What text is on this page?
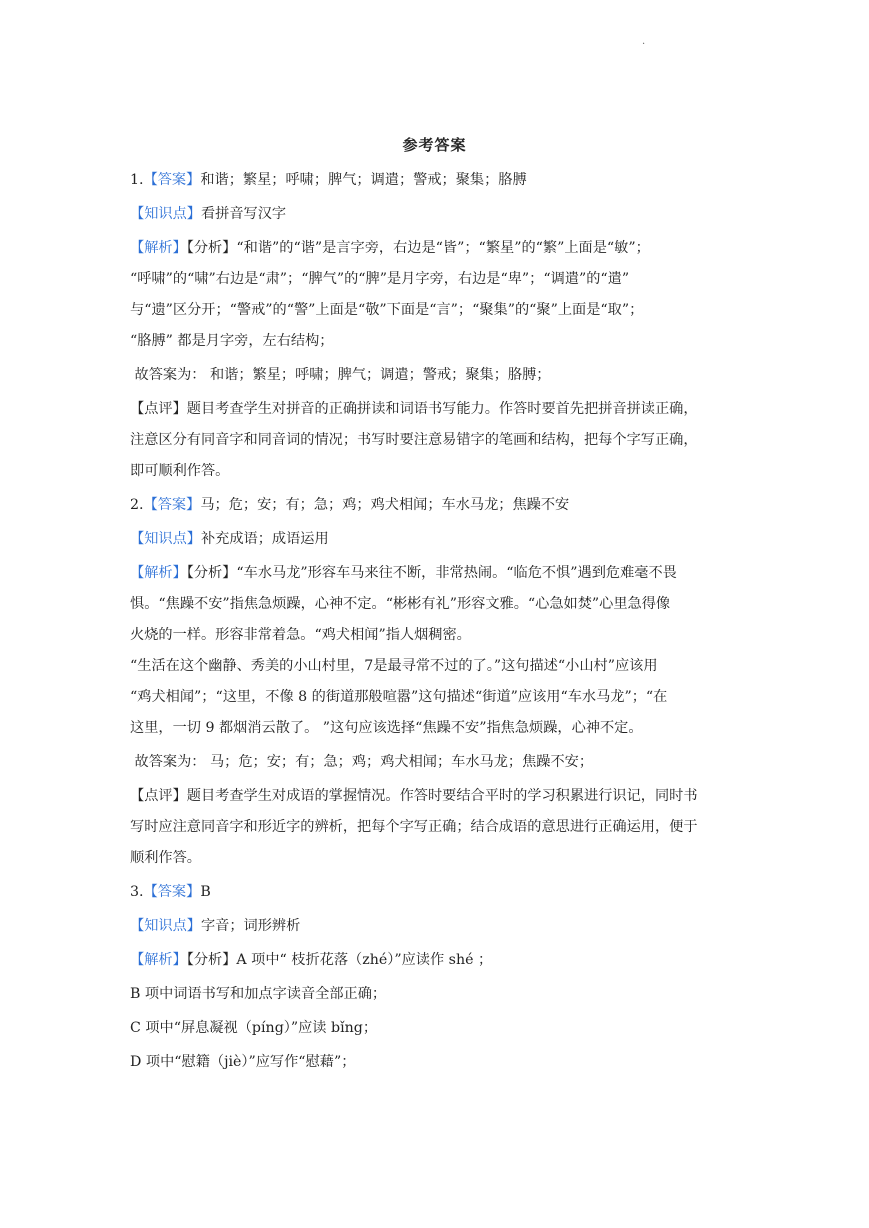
.
参考答案

1.【答案】和谐；繁星；呼啸；脾气；调遣；警戒；聚集；胳膊

【知识点】看拼音写汉字

【解析】【分析】“和谐”的“谐”是言字旁，右边是“皆”；“繁星”的“繁”上面是“敏”；

“呼啸”的“啸”右边是“肃”；“脾气”的“脾”是月字旁，右边是“卑”；“调遣”的“遣”

与“遗”区分开；“警戒”的“警”上面是“敬”下面是“言”；“聚集”的“聚”上面是“取”；

“胳膊” 都是月字旁，左右结构；

故答案为： 和谐；繁星；呼啸；脾气；调遣；警戒；聚集；胳膊；

【点评】题目考查学生对拼音的正确拼读和词语书写能力。作答时要首先把拼音拼读正确，

注意区分有同音字和同音词的情况；书写时要注意易错字的笔画和结构，把每个字写正确，

即可顺利作答。

2.【答案】马；危；安；有；急；鸡；鸡犬相闻；车水马龙；焦躁不安

【知识点】补充成语；成语运用

【解析】【分析】“车水马龙”形容车马来往不断，非常热闹。“临危不惧”遇到危难毫不畏

惧。“焦躁不安”指焦急烦躁，心神不定。“彬彬有礼”形容文雅。“心急如焚”心里急得像

火烧的一样。形容非常着急。“鸡犬相闻”指人烟稠密。

“生活在这个幽静、秀美的小山村里，7是最寻常不过的了。”这句描述“小山村”应该用

“鸡犬相闻”；“这里，不像 8 的街道那般喧嚣”这句描述“街道”应该用“车水马龙”；“在

这里，一切 9 都烟消云散了。 ”这句应该选择“焦躁不安”指焦急烦躁，心神不定。

故答案为： 马；危；安；有；急；鸡；鸡犬相闻；车水马龙；焦躁不安；

【点评】题目考查学生对成语的掌握情况。作答时要结合平时的学习积累进行识记，同时书

写时应注意同音字和形近字的辨析，把每个字写正确；结合成语的意思进行正确运用，便于

顺利作答。

3.【答案】B

【知识点】字音；词形辨析

【解析】【分析】A 项中“ 枝折花落（zhé）”应读作 shé ；

B 项中词语书写和加点字读音全部正确；

C 项中“屏息凝视（píng）”应读 bǐng；

D 项中“慰籍（jiè）”应写作“慰藉”；
